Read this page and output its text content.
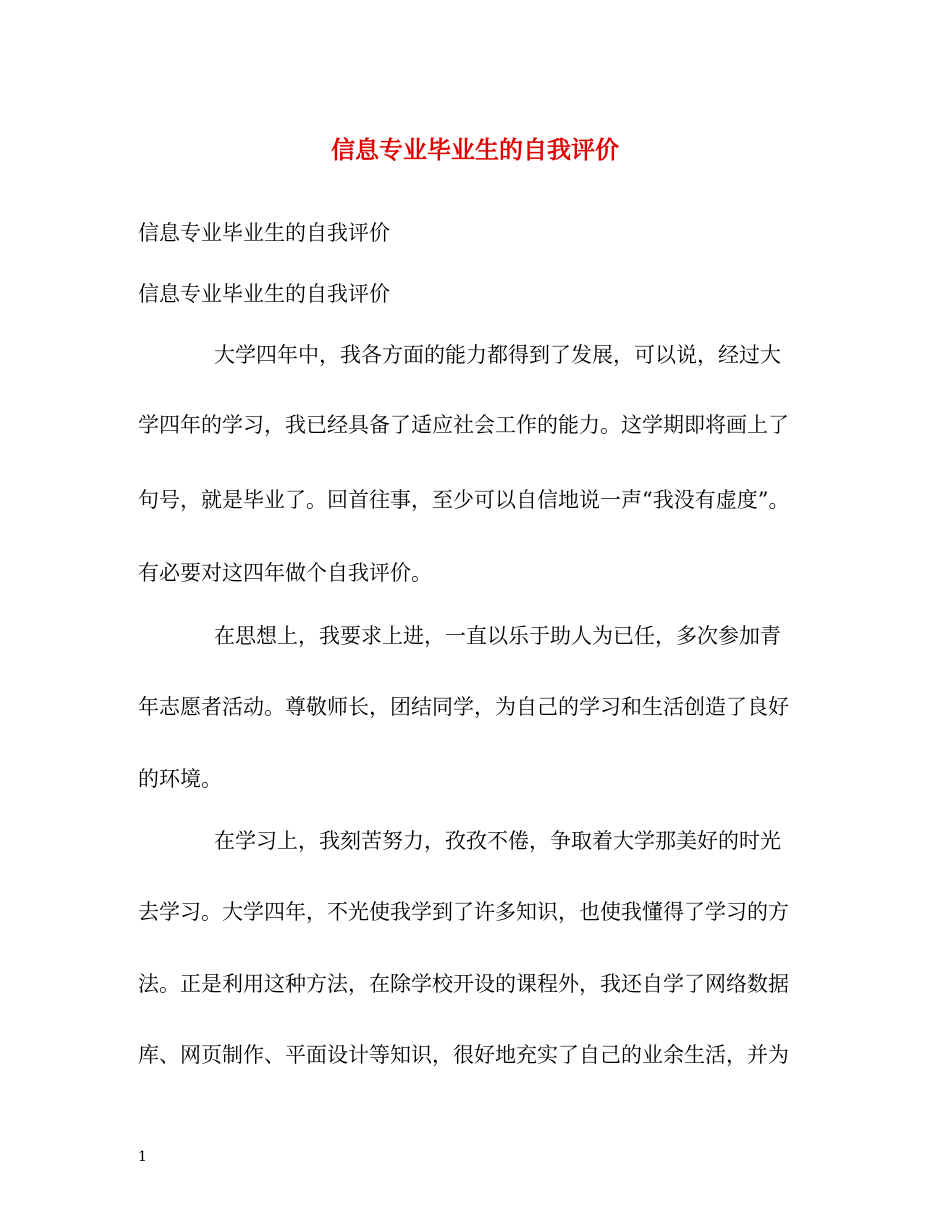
信息专业毕业生的自我评价

信息专业毕业生的自我评价

信息专业毕业生的自我评价

大学四年中，我各方面的能力都得到了发展，可以说，经过大

学四年的学习，我已经具备了适应社会工作的能力。这学期即将画上了

句号，就是毕业了。回首往事，至少可以自信地说一声“我没有虚度”。

有必要对这四年做个自我评价。

在思想上，我要求上进，一直以乐于助人为已任，多次参加青

年志愿者活动。尊敬师长，团结同学，为自己的学习和生活创造了良好

的环境。

在学习上，我刻苦努力，孜孜不倦，争取着大学那美好的时光

去学习。大学四年，不光使我学到了许多知识，也使我懂得了学习的方

法。正是利用这种方法，在除学校开设的课程外，我还自学了网络数据

库、网页制作、平面设计等知识，很好地充实了自己的业余生活，并为

1
